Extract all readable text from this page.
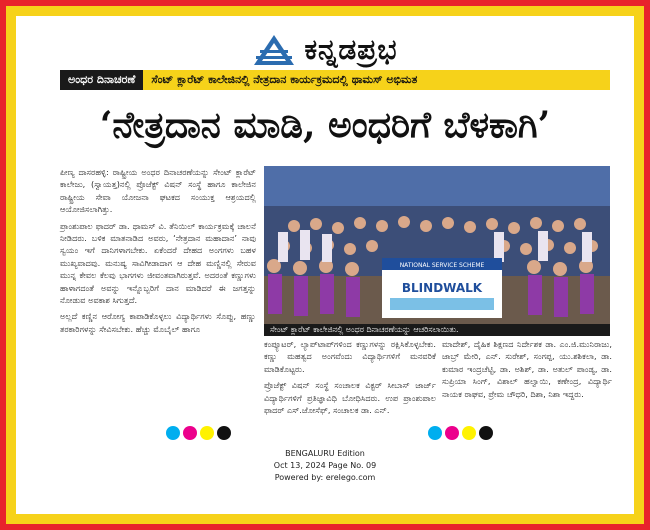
ಕನ್ನಡಪ್ರಭ
ಅಂಧರ ದಿನಾಚರಣೆ	ಸೆಂಟ್ ಕ್ಲಾರೆಟ್ ಕಾಲೇಜಿನಲ್ಲಿ ನೇತ್ರದಾನ ಕಾರ್ಯಕ್ರಮದಲ್ಲಿ ಥಾಮಸ್ ಅಭಿಮತ
‘ನೇತ್ರದಾನ ಮಾಡಿ, ಅಂಧರಿಗೆ ಬೆಳಕಾಗಿ’

ಪೀಣ್ಯ ದಾಸರಹಳ್ಳಿ: ರಾಷ್ಟ್ರೀಯ ಅಂಧರ ದಿನಾಚರಣೆಯನ್ನು ಸೇಂಟ್ ಕ್ಲಾರೆಟ್ ಕಾಲೇಜು, (ಸ್ವಾಯತ್ತ)ನಲ್ಲಿ ಪ್ರೊಜೆಕ್ಟ್ ವಿಷನ್ ಸಂಸ್ಥೆ ಹಾಗೂ ಕಾಲೇಜಿನ ರಾಷ್ಟ್ರೀಯ ಸೇವಾ ಯೋಜನಾ ಘಟಕದ ಸಂಯುಕ್ತ ಆಶ್ರಯದಲ್ಲಿ ಆಯೋಜಿಸಲಾಗಿತ್ತು.

ಪ್ರಾಂಶುಪಾಲ ಫಾದರ್ ಡಾ. ಥಾಮಸ್ ವಿ. ತೆನಿಯಿಲ್ ಕಾರ್ಯಕ್ರಮಕ್ಕೆ ಚಾಲನೆ ನೀಡಿದರು. ಬಳಿಕ ಮಾತನಾಡಿದ ಅವರು, ‘ನೇತ್ರದಾನ ಮಹಾದಾನ’ ನಾವು ಸ್ವಯಂ ಇಗೆ ದಾನಿಗಳಾಗಬೇಕು. ಏಕೆಂದರೆ ದೇಹದ ಅಂಗಗಳು ಬಹಳ ಮುಖ್ಯವಾದವು. ಮನುಷ್ಯ ಸಾವಿಗೀಡಾದಾಗ ಆ ದೇಹ ಮಣ್ಣಿನಲ್ಲಿ ಸೇರುವ ಮುನ್ನ ಕೇವಲ ಕೆಲವು ಭಾಗಗಳು ಜೀವಂತವಾಗಿರುತ್ತವೆ. ಅದರಂತೆ ಕಣ್ಣುಗಳು ಹಾಳಾಗದಂತೆ ಅವನ್ನು ಇನ್ನೊಬ್ಬರಿಗೆ ದಾನ ಮಾಡಿದರೆ ಈ ಜಗತ್ತನ್ನು ನೋಡುವ ಅವಕಾಶ ಸಿಗುತ್ತದೆ.

ಅಲ್ಲದೆ ಕಣ್ಣಿನ ಆರೋಗ್ಯ ಕಾಪಾಡಿಕೊಳ್ಳಲು ವಿದ್ಯಾರ್ಥಿಗಳು ಸೊಪ್ಪು, ಹಣ್ಣು ತರಕಾರಿಗಳನ್ನು ಸೇವಿಸಬೇಕು. ಹೆಚ್ಚು ಮೊಬೈಲ್ ಹಾಗೂ

NATIONAL SERVICE SCHEME
BLINDWALK
ಸೇಂಟ್ ಕ್ಲಾರೆಟ್ ಕಾಲೇಜಿನಲ್ಲಿ ಅಂಧರ ದಿನಾಚರಣೆಯನ್ನು ಆಚರಿಸಲಾಯಿತು.

ಕಂಪ್ಯೂಟರ್, ಲ್ಯಾಪ್‌ಟಾಪ್‌ಗಳಿಂದ ಕಣ್ಣುಗಳನ್ನು ರಕ್ಷಿಸಿಕೊಳ್ಳಬೇಕು. ಕಣ್ಣು ಮಹತ್ವದ ಅಂಗವೆಂದು ವಿದ್ಯಾರ್ಥಿಗಳಿಗೆ ಮನವರಿಕೆ ಮಾಡಿಕೊಟ್ಟರು.

ಪ್ರೊಜೆಕ್ಟ್ ವಿಷನ್ ಸಂಸ್ಥೆ ಸಂಚಾಲಕ ವಿಕ್ಟರ್ ಸೀಬಾಸ್ ಜಾರ್ಜ್ ವಿದ್ಯಾರ್ಥಿಗಳಿಗೆ ಪ್ರತಿಜ್ಞಾವಿಧಿ ಬೋಧಿಸಿದರು. ಉಪ ಪ್ರಾಂಶುಪಾಲ ಫಾದರ್ ಎಸ್.ಜೋಸೆಫ್, ಸಂಚಾಲಕ ಡಾ. ಎನ್.

ಮಾದೇಶ್, ದೈಹಿಕ ಶಿಕ್ಷಣದ ನಿರ್ದೇಶಕ ಡಾ. ಎಂ.ಜಿ.ಮುನಿರಾಜು, ಜಾಬ್ರ್ ಮೇರಿ, ಎನ್. ಸುರೇಶ್, ಸಂಗಪ್ಪ, ಯು.ಶಶಿಕಲಾ, ಡಾ. ಕುಮಾರ ಇಂದ್ರಚೆಟ್ಟಿ, ಡಾ. ಅಶಿಶ್, ಡಾ. ಅತುಲ್ ಪಾಂಡ್ಯ, ಡಾ. ಸುಪ್ರಿಯಾ ಸಿಂಗ್, ವಿಶಾಲ್ ಹಲ್ವಾಯಿ, ಕಣೇಂದ್ರ, ವಿದ್ಯಾರ್ಥಿ ನಾಯಕ ರಾಘವ, ಪ್ರೇಮ ಚೌಧರಿ, ದಿಶಾ, ನಿಶಾ ಇದ್ದರು.

BENGALURU Edition
Oct 13, 2024 Page No. 09
Powered by: erelego.com
